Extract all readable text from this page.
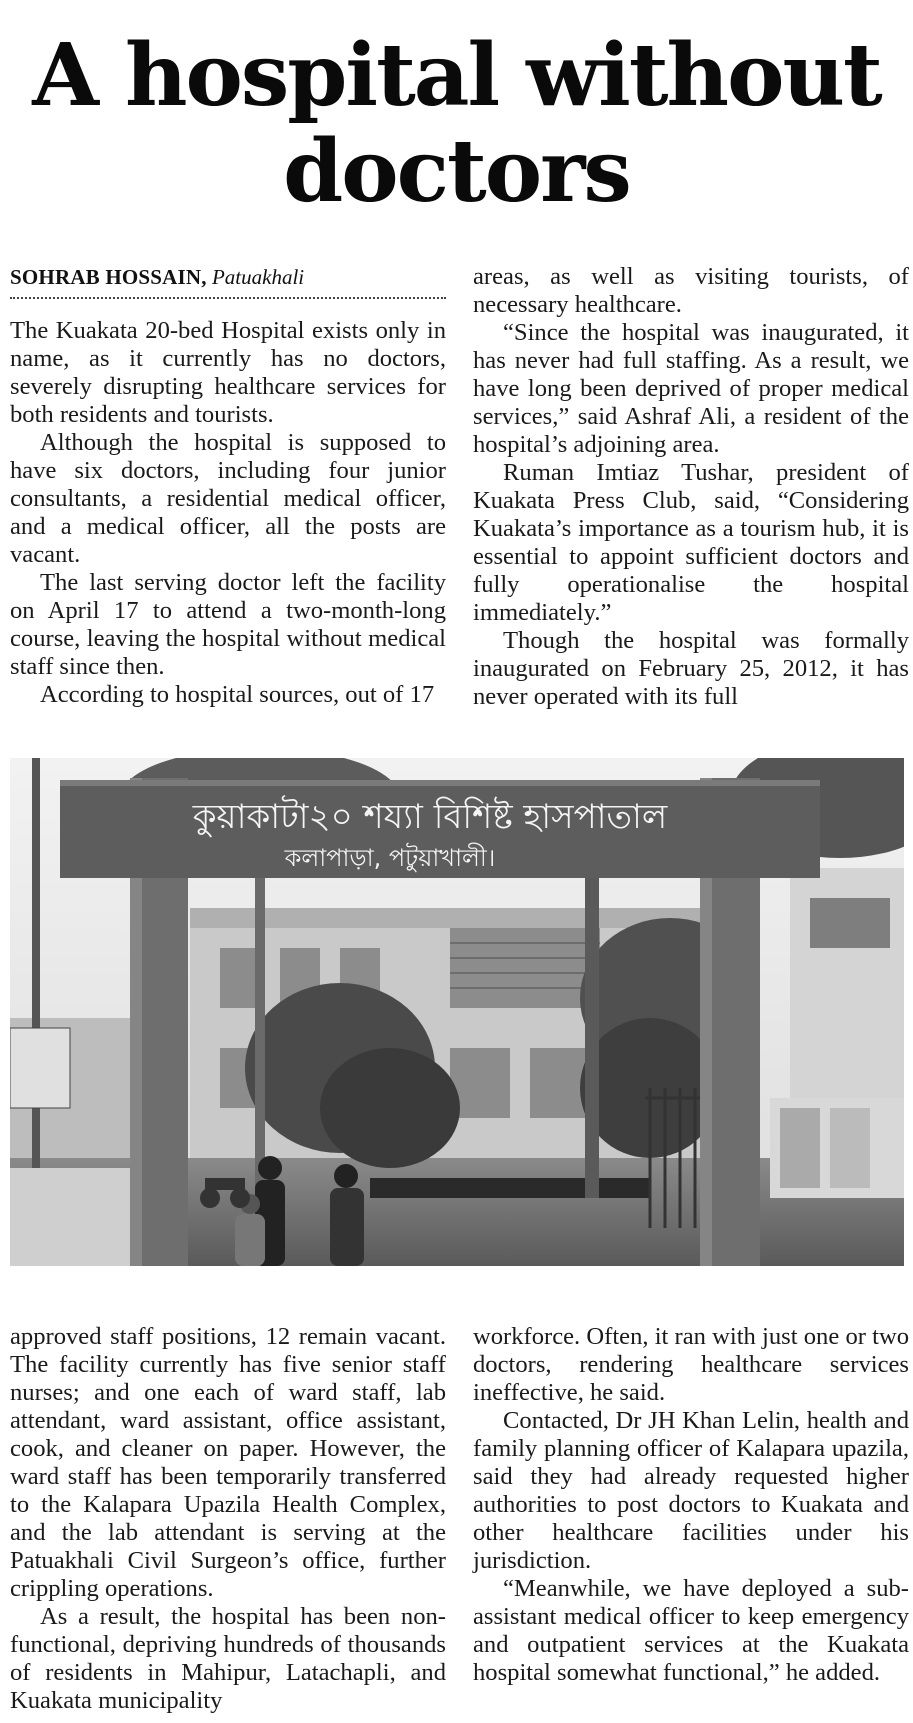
A hospital without doctors
SOHRAB HOSSAIN, Patuakhali

The Kuakata 20-bed Hospital exists only in name, as it currently has no doctors, severely disrupting healthcare services for both residents and tourists.

Although the hospital is supposed to have six doctors, including four junior consultants, a residential medical officer, and a medical officer, all the posts are vacant.

The last serving doctor left the facility on April 17 to attend a two-month-long course, leaving the hospital without medical staff since then.

According to hospital sources, out of 17

areas, as well as visiting tourists, of necessary healthcare.

“Since the hospital was inaugurated, it has never had full staffing. As a result, we have long been deprived of proper medical services,” said Ashraf Ali, a resident of the hospital’s adjoining area.

Ruman Imtiaz Tushar, president of Kuakata Press Club, said, “Considering Kuakata’s importance as a tourism hub, it is essential to appoint sufficient doctors and fully operationalise the hospital immediately.”

Though the hospital was formally inaugurated on February 25, 2012, it has never operated with its full

কুয়াকাটা২০ শয্যা বিশিষ্ট হাসপাতাল
কলাপাড়া, পটুয়াখালী।

approved staff positions, 12 remain vacant. The facility currently has five senior staff nurses; and one each of ward staff, lab attendant, ward assistant, office assistant, cook, and cleaner on paper. However, the ward staff has been temporarily transferred to the Kalapara Upazila Health Complex, and the lab attendant is serving at the Patuakhali Civil Surgeon’s office, further crippling operations.

As a result, the hospital has been non-functional, depriving hundreds of thousands of residents in Mahipur, Latachapli, and Kuakata municipality

workforce. Often, it ran with just one or two doctors, rendering healthcare services ineffective, he said.

Contacted, Dr JH Khan Lelin, health and family planning officer of Kalapara upazila, said they had already requested higher authorities to post doctors to Kuakata and other healthcare facilities under his jurisdiction.

“Meanwhile, we have deployed a sub-assistant medical officer to keep emergency and outpatient services at the Kuakata hospital somewhat functional,” he added.
